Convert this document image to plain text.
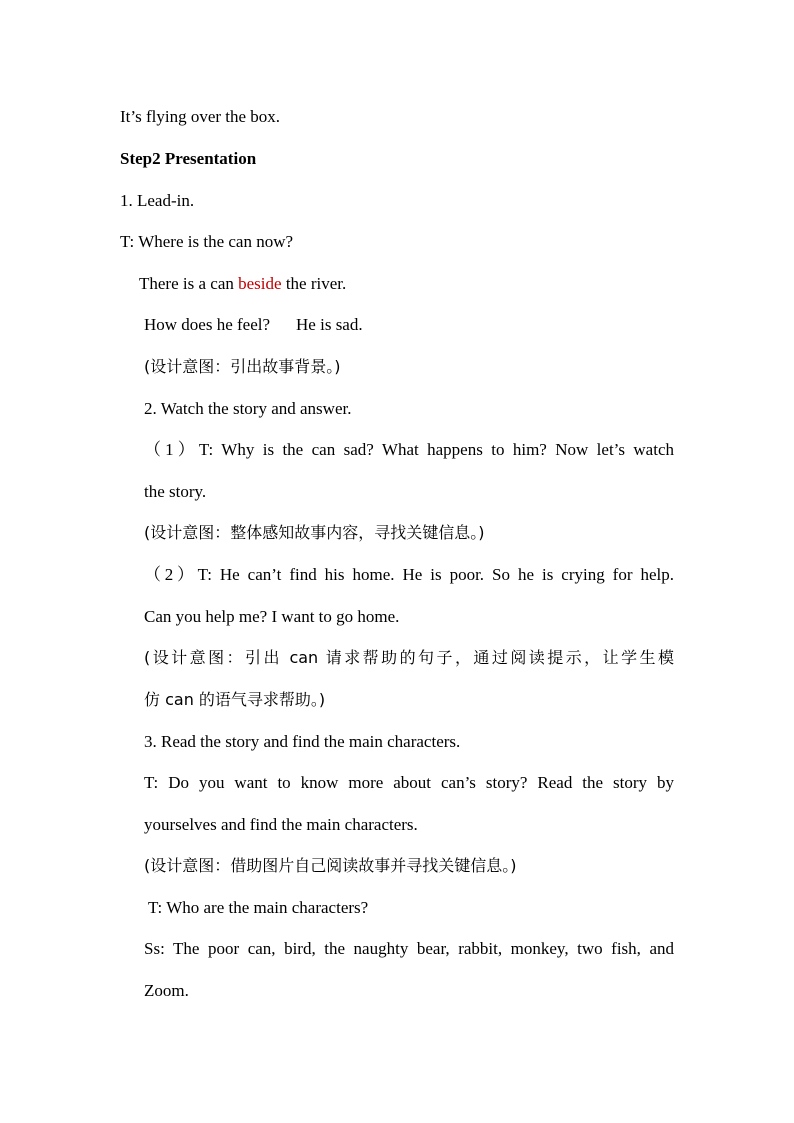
It’s flying over the box.
Step2 Presentation
1. Lead-in.
T: Where is the can now?
There is a can beside the river.
How does he feel? He is sad.
(设计意图：引出故事背景。)
2. Watch the story and answer.
（1）T: Why is the can sad? What happens to him? Now let’s watch
the story.
(设计意图：整体感知故事内容，寻找关键信息。)
（2）T: He can’t find his home. He is poor. So he is crying for help.
Can you help me? I want to go home.
(设计意图：引出 can 请求帮助的句子，通过阅读提示，让学生模
仿 can 的语气寻求帮助。)
3. Read the story and find the main characters.
T: Do you want to know more about can’s story? Read the story by
yourselves and find the main characters.
(设计意图：借助图片自己阅读故事并寻找关键信息。)
T: Who are the main characters?
Ss: The poor can, bird, the naughty bear, rabbit, monkey, two fish, and
Zoom.
